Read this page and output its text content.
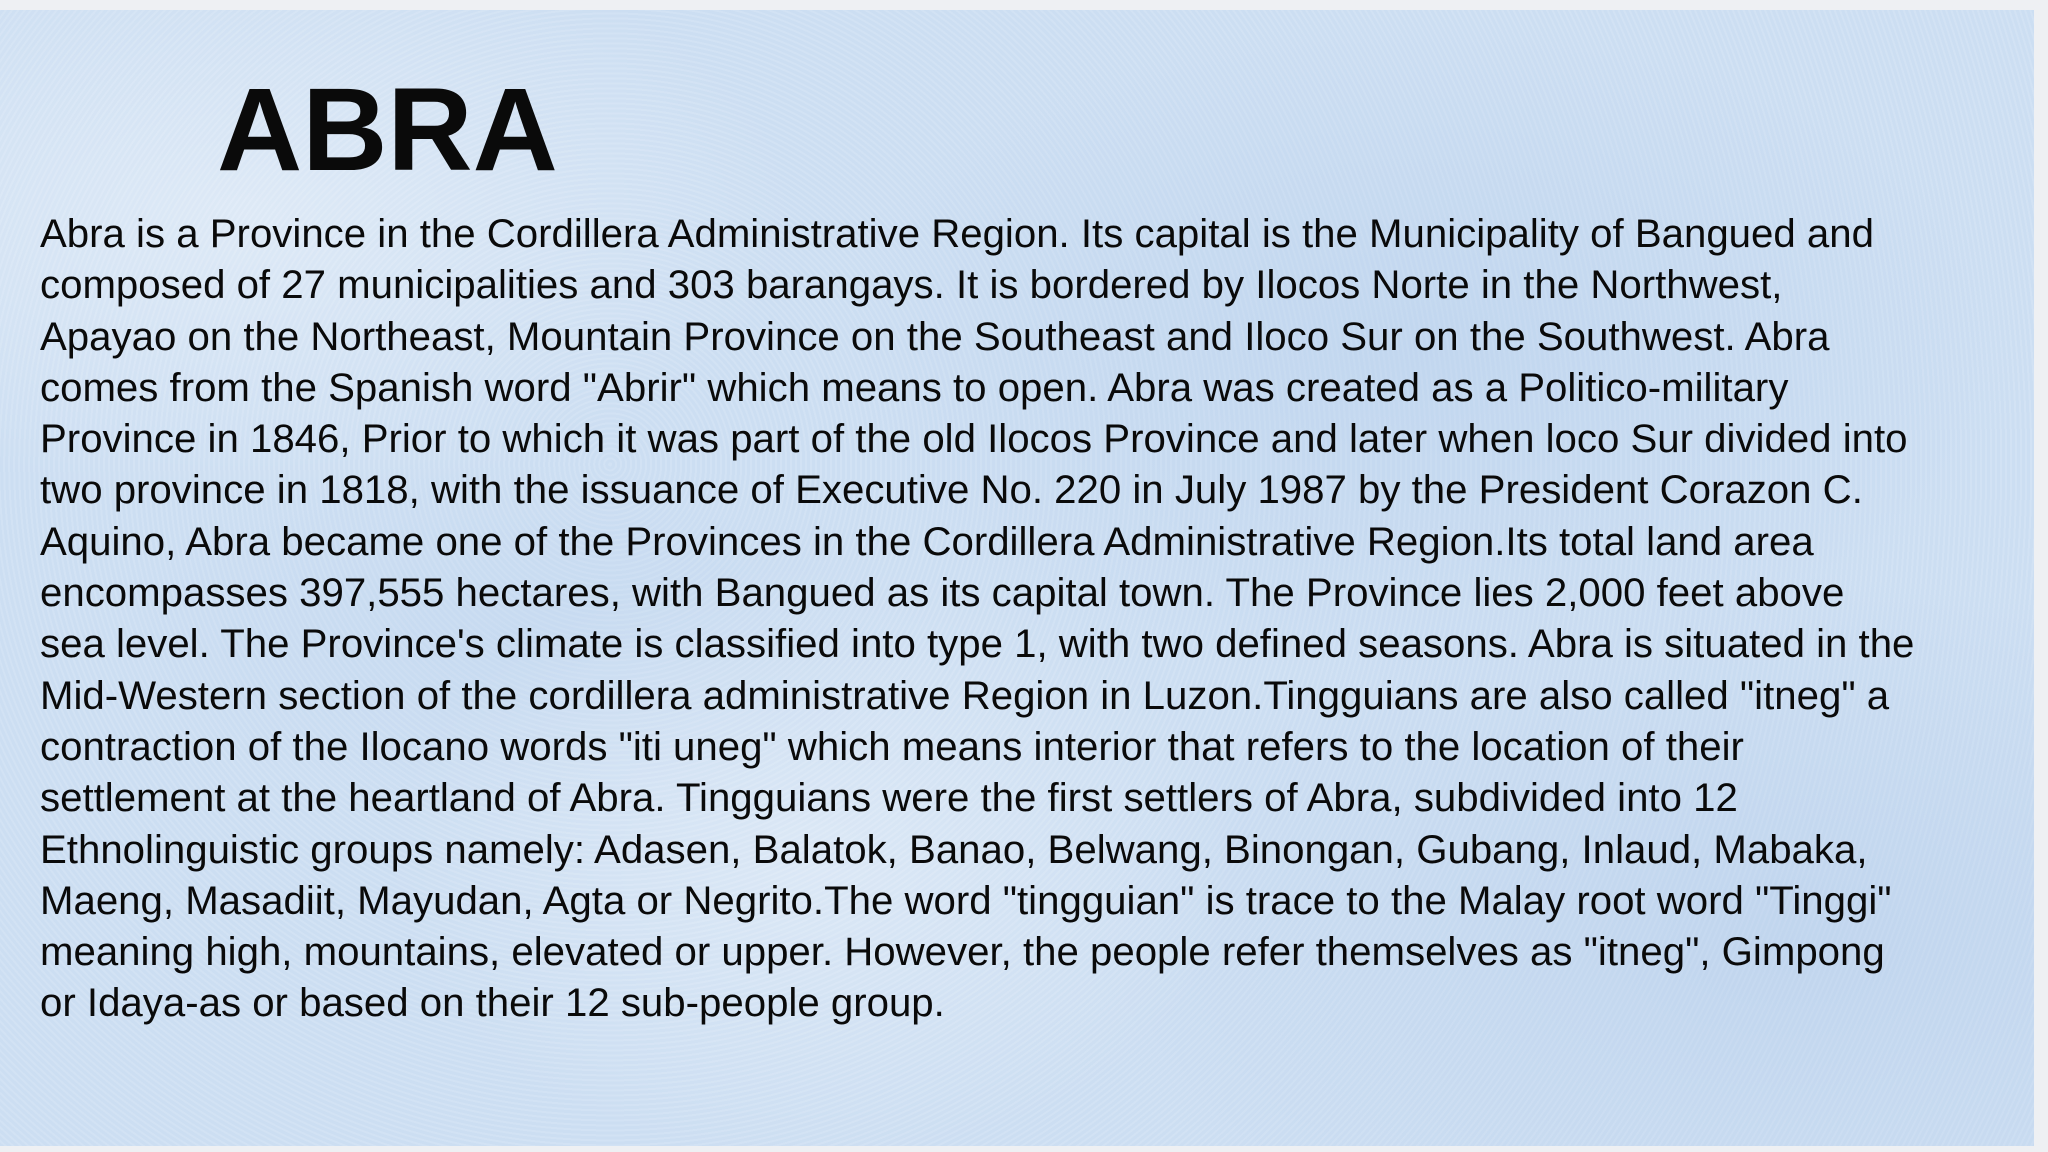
ABRA
Abra is a Province in the Cordillera Administrative Region. Its capital is the Municipality of Bangued and
composed of 27 municipalities and 303 barangays. It is bordered by Ilocos Norte in the Northwest,
Apayao on the Northeast, Mountain Province on the Southeast and Iloco Sur on the Southwest. Abra
comes from the Spanish word "Abrir" which means to open. Abra was created as a Politico-military
Province in 1846, Prior to which it was part of the old Ilocos Province and later when loco Sur divided into
two province in 1818, with the issuance of Executive No. 220 in July 1987 by the President Corazon C.
Aquino, Abra became one of the Provinces in the Cordillera Administrative Region.Its total land area
encompasses 397,555 hectares, with Bangued as its capital town. The Province lies 2,000 feet above
sea level. The Province's climate is classified into type 1, with two defined seasons. Abra is situated in the
Mid-Western section of the cordillera administrative Region in Luzon.Tingguians are also called "itneg" a
contraction of the Ilocano words "iti uneg" which means interior that refers to the location of their
settlement at the heartland of Abra. Tingguians were the first settlers of Abra, subdivided into 12
Ethnolinguistic groups namely: Adasen, Balatok, Banao, Belwang, Binongan, Gubang, Inlaud, Mabaka,
Maeng, Masadiit, Mayudan, Agta or Negrito.The word "tingguian" is trace to the Malay root word "Tinggi"
meaning high, mountains, elevated or upper. However, the people refer themselves as "itneg", Gimpong
or Idaya-as or based on their 12 sub-people group.
